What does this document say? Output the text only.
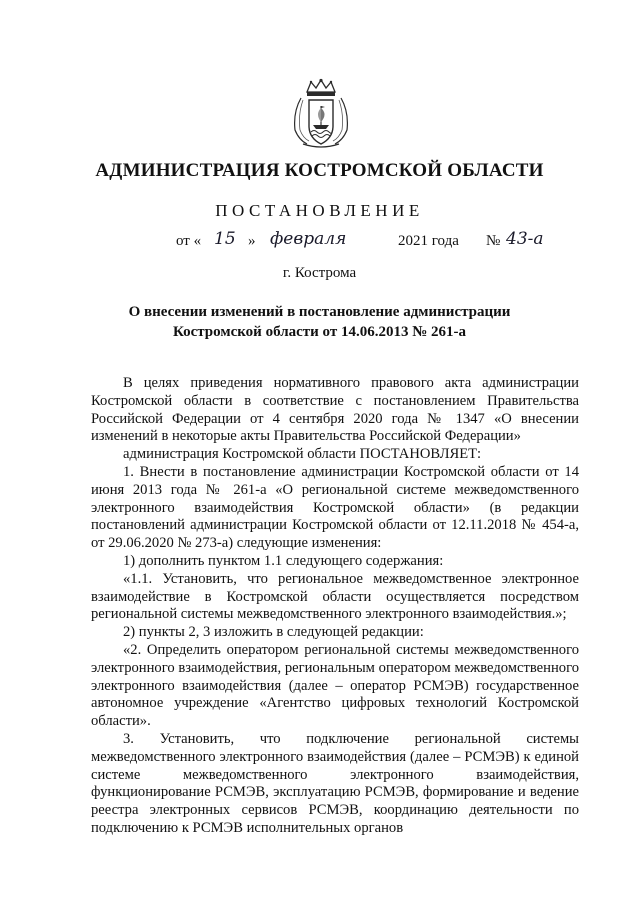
АДМИНИСТРАЦИЯ КОСТРОМСКОЙ ОБЛАСТИ
ПОСТАНОВЛЕНИЕ
от « 15 » февраля	2021 года № 43-а
г. Кострома
О внесении изменений в постановление администрации
Костромской области от 14.06.2013 № 261-а

В целях приведения нормативного правового акта администрации Костромской области в соответствие с постановлением Правительства Российской Федерации от 4 сентября 2020 года № 1347 «О внесении изменений в некоторые акты Правительства Российской Федерации»

администрация Костромской области ПОСТАНОВЛЯЕТ:

1. Внести в постановление администрации Костромской области от 14 июня 2013 года № 261-а «О региональной системе межведомственного электронного взаимодействия Костромской области» (в редакции постановлений администрации Костромской области от 12.11.2018 № 454-а, от 29.06.2020 № 273-а) следующие изменения:

1) дополнить пунктом 1.1 следующего содержания:

«1.1. Установить, что региональное межведомственное электронное взаимодействие в Костромской области осуществляется посредством региональной системы межведомственного электронного взаимодействия.»;

2) пункты 2, 3 изложить в следующей редакции:

«2. Определить оператором региональной системы межведомственного электронного взаимодействия, региональным оператором межведомственного электронного взаимодействия (далее – оператор РСМЭВ) государственное автономное учреждение «Агентство цифровых технологий Костромской области».

3. Установить, что подключение региональной системы межведомственного электронного взаимодействия (далее – РСМЭВ) к единой системе межведомственного электронного взаимодействия, функционирование РСМЭВ, эксплуатацию РСМЭВ, формирование и ведение реестра электронных сервисов РСМЭВ, координацию деятельности по подключению к РСМЭВ исполнительных органов
